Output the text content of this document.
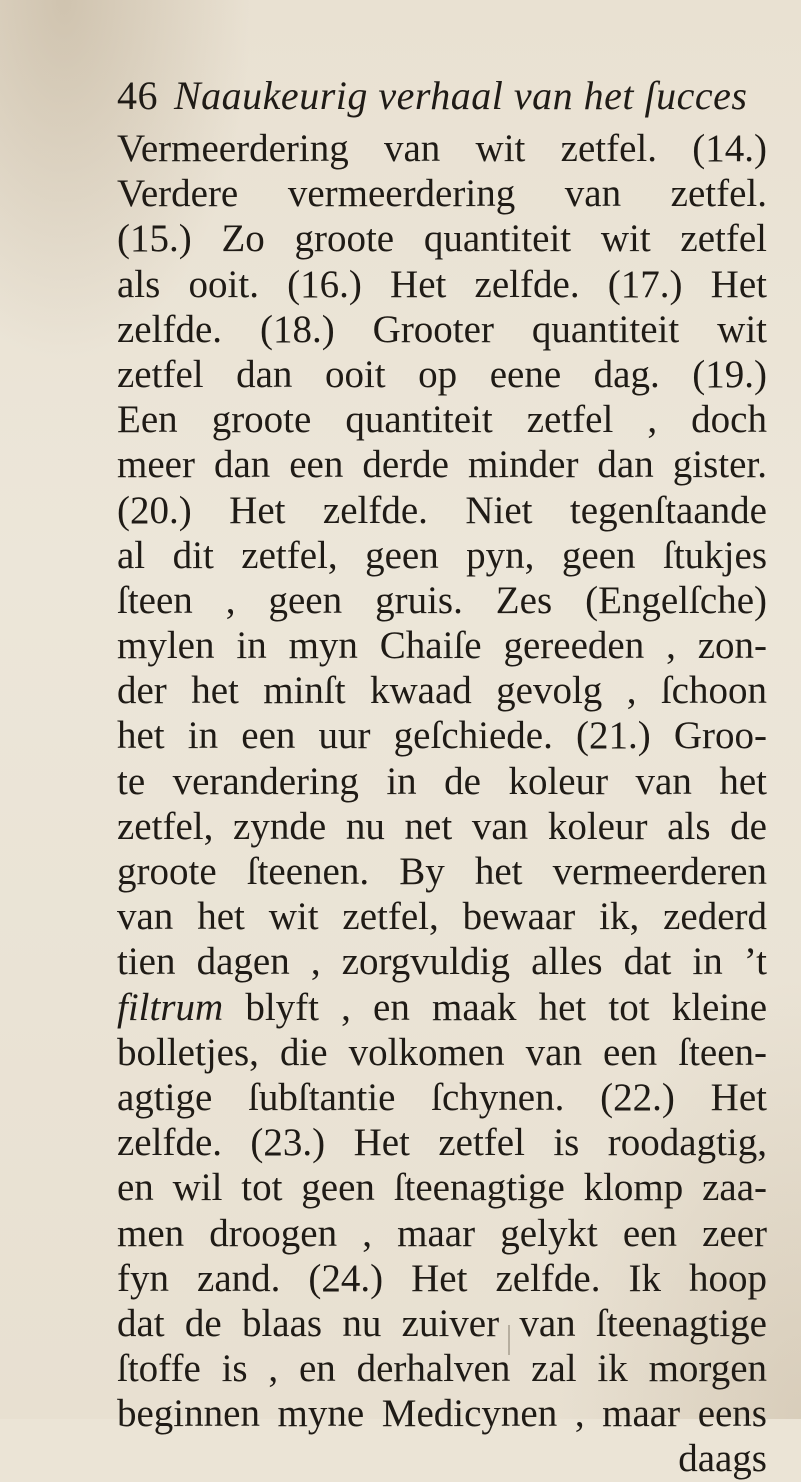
46 Naaukeurig verhaal van het ſucces
Vermeerdering van wit zetfel. (14.)
Verdere vermeerdering van zetfel.
(15.) Zo groote quantiteit wit zetfel
als ooit. (16.) Het zelfde. (17.) Het
zelfde. (18.) Grooter quantiteit wit
zetfel dan ooit op eene dag. (19.)
Een groote quantiteit zetfel , doch
meer dan een derde minder dan gister.
(20.) Het zelfde. Niet tegenſtaande
al dit zetfel, geen pyn, geen ſtukjes
ſteen , geen gruis. Zes (Engelſche)
mylen in myn Chaiſe gereeden , zon-
der het minſt kwaad gevolg , ſchoon
het in een uur geſchiede. (21.) Groo-
te verandering in de koleur van het
zetfel, zynde nu net van koleur als de
groote ſteenen. By het vermeerderen
van het wit zetfel, bewaar ik, zederd
tien dagen , zorgvuldig alles dat in ’t
filtrum blyft , en maak het tot kleine
bolletjes, die volkomen van een ſteen-
agtige ſubſtantie ſchynen. (22.) Het
zelfde. (23.) Het zetfel is roodagtig,
en wil tot geen ſteenagtige klomp zaa-
men droogen , maar gelykt een zeer
fyn zand. (24.) Het zelfde. Ik hoop
dat de blaas nu zuiver van ſteenagtige
ſtoffe is , en derhalven zal ik morgen
beginnen myne Medicynen , maar eens
daags
